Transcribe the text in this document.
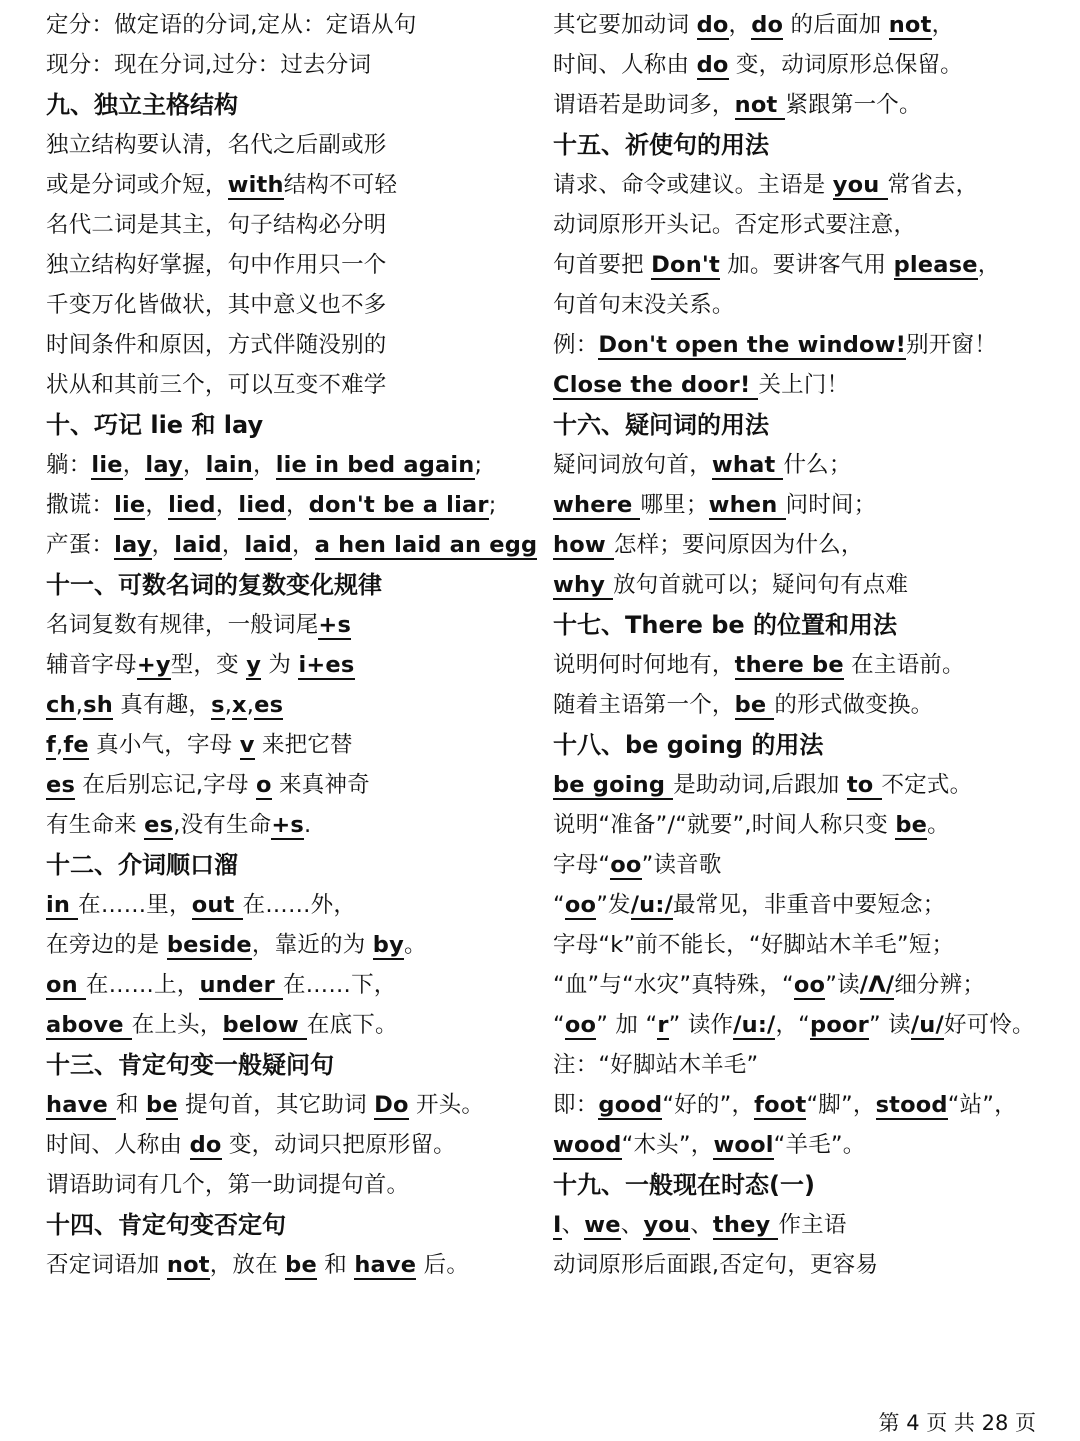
定分：做定语的分词,定从：定语从句
现分：现在分词,过分：过去分词
九、独立主格结构
独立结构要认清，名代之后副或形
或是分词或介短，with结构不可轻
名代二词是其主，句子结构必分明
独立结构好掌握，句中作用只一个
千变万化皆做状，其中意义也不多
时间条件和原因，方式伴随没别的
状从和其前三个，可以互变不难学
十、巧记 lie 和 lay
躺：lie，lay，lain，lie in bed again;
撒谎：lie，lied，lied，don't be a liar;
产蛋：lay，laid，laid，a hen laid an egg
十一、可数名词的复数变化规律
名词复数有规律，一般词尾+s
辅音字母+y型，变 y 为 i+es
ch,sh 真有趣，s,x,es
f,fe 真小气，字母 v 来把它替
es 在后别忘记,字母 o 来真神奇
有生命来 es,没有生命+s.
十二、介词顺口溜
in 在……里，out 在……外，
在旁边的是 beside，靠近的为 by。
on 在……上，under 在……下，
above 在上头，below 在底下。
十三、肯定句变一般疑问句
have 和 be 提句首，其它助词 Do 开头。
时间、人称由 do 变，动词只把原形留。
谓语助词有几个，第一助词提句首。
十四、肯定句变否定句
否定词语加 not，放在 be 和 have 后。
其它要加动词 do，do 的后面加 not，
时间、人称由 do 变，动词原形总保留。
谓语若是助词多，not 紧跟第一个。
十五、祈使句的用法
请求、命令或建议。主语是 you 常省去，
动词原形开头记。否定形式要注意，
句首要把 Don't 加。要讲客气用 please，
句首句末没关系。
例：Don't open the window!别开窗！
Close the door! 关上门！
十六、疑问词的用法
疑问词放句首，what 什么；
where 哪里；when 问时间；
how 怎样；要问原因为什么，
why 放句首就可以；疑问句有点难
十七、There be 的位置和用法
说明何时何地有，there be 在主语前。
随着主语第一个，be 的形式做变换。
十八、be going 的用法
be going 是助动词,后跟加 to 不定式。
说明“准备”/“就要”,时间人称只变 be。
字母“oo”读音歌
“oo”发/u:/最常见，非重音中要短念；
字母“k”前不能长，“好脚站木羊毛”短；
“血”与“水灾”真特殊，“oo”读/Λ/细分辨；
“oo” 加 “r” 读作/u:/，“poor” 读/u/好可怜。
注：“好脚站木羊毛”
即：good“好的”，foot“脚”，stood“站”，
wood“木头”，wool“羊毛”。
十九、一般现在时态(一)
I、we、you、they 作主语
动词原形后面跟,否定句，更容易
第 4 页 共 28 页
